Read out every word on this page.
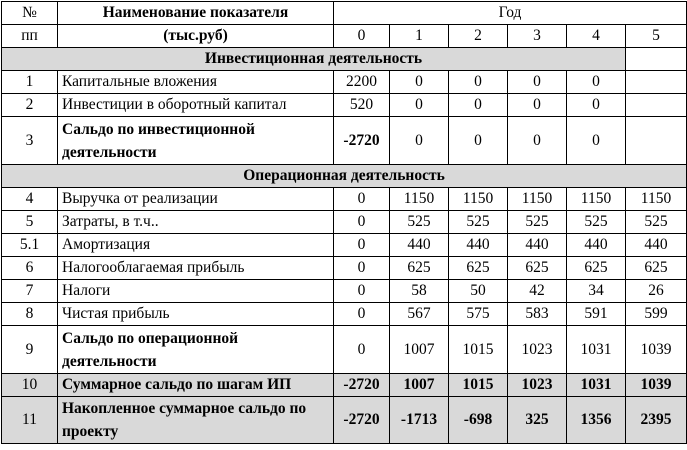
№	Наименование показателя	Год					
пп	(тыс.руб)	0	1	2	3	4	5
Инвестиционная деятельность							
1	Капитальные вложения	2200	0	0	0	0	
2	Инвестиции в оборотный капитал	520	0	0	0	0	
3	Сальдо по инвестиционной деятельности	-2720	0	0	0	0	
Операционная деятельность							
4	Выручка от реализации	0	1150	1150	1150	1150	1150
5	Затраты, в т.ч..	0	525	525	525	525	525
5.1	Амортизация	0	440	440	440	440	440
6	Налогооблагаемая прибыль	0	625	625	625	625	625
7	Налоги	0	58	50	42	34	26
8	Чистая прибыль	0	567	575	583	591	599
9	Сальдо по операционной деятельности	0	1007	1015	1023	1031	1039
10	Суммарное сальдо по шагам ИП	-2720	1007	1015	1023	1031	1039
11	Накопленное суммарное сальдо по проекту	-2720	-1713	-698	325	1356	2395
